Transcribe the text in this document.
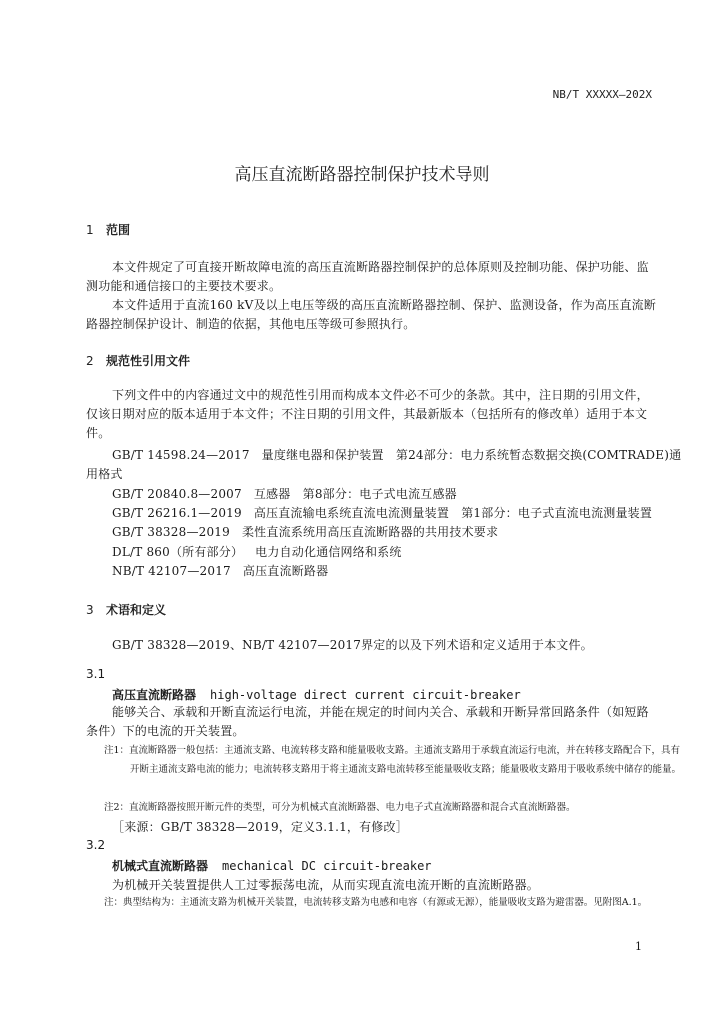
NB/T XXXXX—202X
高压直流断路器控制保护技术导则
1 范围
本文件规定了可直接开断故障电流的高压直流断路器控制保护的总体原则及控制功能、保护功能、监测功能和通信接口的主要技术要求。
本文件适用于直流160 kV及以上电压等级的高压直流断路器控制、保护、监测设备，作为高压直流断路器控制保护设计、制造的依据，其他电压等级可参照执行。
2 规范性引用文件
下列文件中的内容通过文中的规范性引用而构成本文件必不可少的条款。其中，注日期的引用文件，仅该日期对应的版本适用于本文件；不注日期的引用文件，其最新版本（包括所有的修改单）适用于本文件。
GB/T 14598.24—2017 量度继电器和保护装置　第24部分：电力系统暂态数据交换(COMTRADE)通
用格式
GB/T 20840.8—2007 互感器　第8部分：电子式电流互感器
GB/T 26216.1—2019 高压直流输电系统直流电流测量装置　第1部分：电子式直流电流测量装置
GB/T 38328—2019 柔性直流系统用高压直流断路器的共用技术要求
DL/T 860（所有部分） 电力自动化通信网络和系统
NB/T 42107—2017 高压直流断路器
3 术语和定义
GB/T 38328—2019、NB/T 42107—2017界定的以及下列术语和定义适用于本文件。
3.1
高压直流断路器 high-voltage direct current circuit-breaker
能够关合、承载和开断直流运行电流，并能在规定的时间内关合、承载和开断异常回路条件（如短路条件）下的电流的开关装置。
注1：直流断路器一般包括：主通流支路、电流转移支路和能量吸收支路。主通流支路用于承载直流运行电流，并在转移支路配合下，具有开断主通流支路电流的能力；电流转移支路用于将主通流支路电流转移至能量吸收支路；能量吸收支路用于吸收系统中储存的能量。
注2：直流断路器按照开断元件的类型，可分为机械式直流断路器、电力电子式直流断路器和混合式直流断路器。
［来源：GB/T 38328—2019，定义3.1.1，有修改］
3.2
机械式直流断路器 mechanical DC circuit-breaker
为机械开关装置提供人工过零振荡电流，从而实现直流电流开断的直流断路器。
注：典型结构为：主通流支路为机械开关装置，电流转移支路为电感和电容（有源或无源），能量吸收支路为避雷器。见附图A.1。
1
